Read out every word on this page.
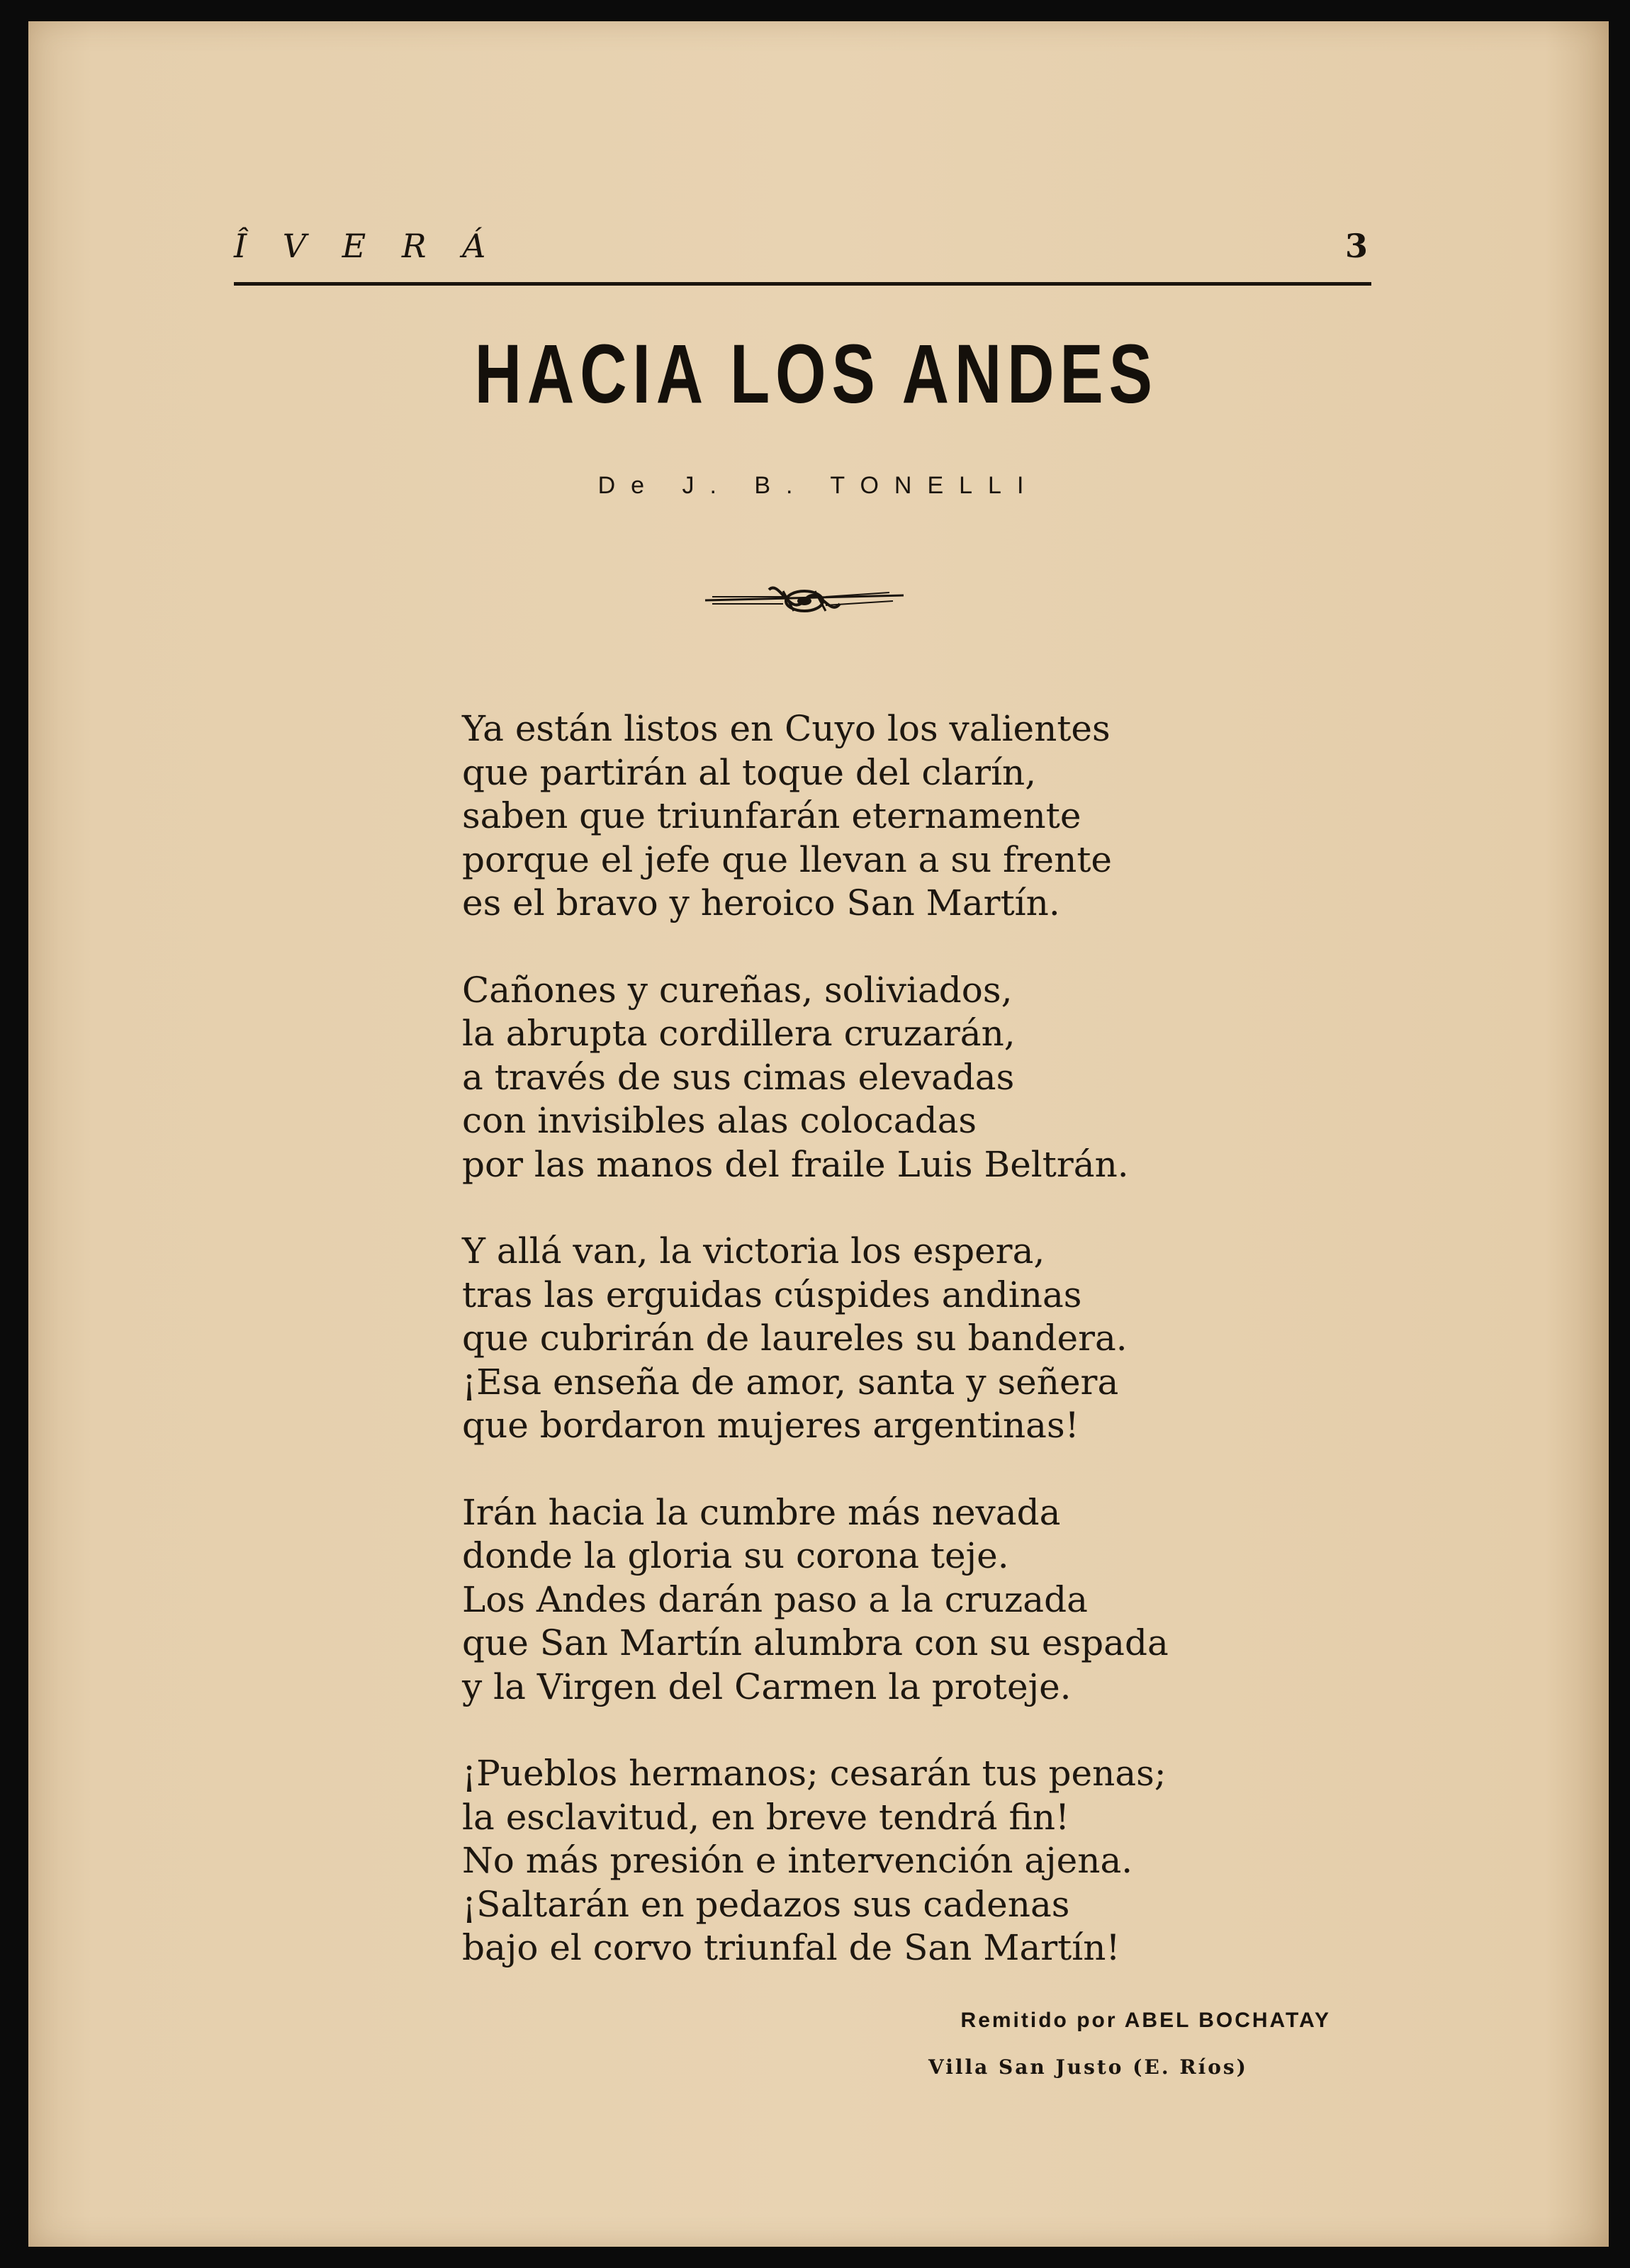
Î V E R Á	3
HACIA LOS ANDES
De J. B. TONELLI
Ya están listos en Cuyo los valientes
que partirán al toque del clarín,
saben que triunfarán eternamente
porque el jefe que llevan a su frente
es el bravo y heroico San Martín.
Cañones y cureñas, soliviados,
la abrupta cordillera cruzarán,
a través de sus cimas elevadas
con invisibles alas colocadas
por las manos del fraile Luis Beltrán.
Y allá van, la victoria los espera,
tras las erguidas cúspides andinas
que cubrirán de laureles su bandera.
¡Esa enseña de amor, santa y señera
que bordaron mujeres argentinas!
Irán hacia la cumbre más nevada
donde la gloria su corona teje.
Los Andes darán paso a la cruzada
que San Martín alumbra con su espada
y la Virgen del Carmen la proteje.
¡Pueblos hermanos; cesarán tus penas;
la esclavitud, en breve tendrá fin!
No más presión e intervención ajena.
¡Saltarán en pedazos sus cadenas
bajo el corvo triunfal de San Martín!
Remitido por ABEL BOCHATAY
Villa San Justo (E. Ríos)
